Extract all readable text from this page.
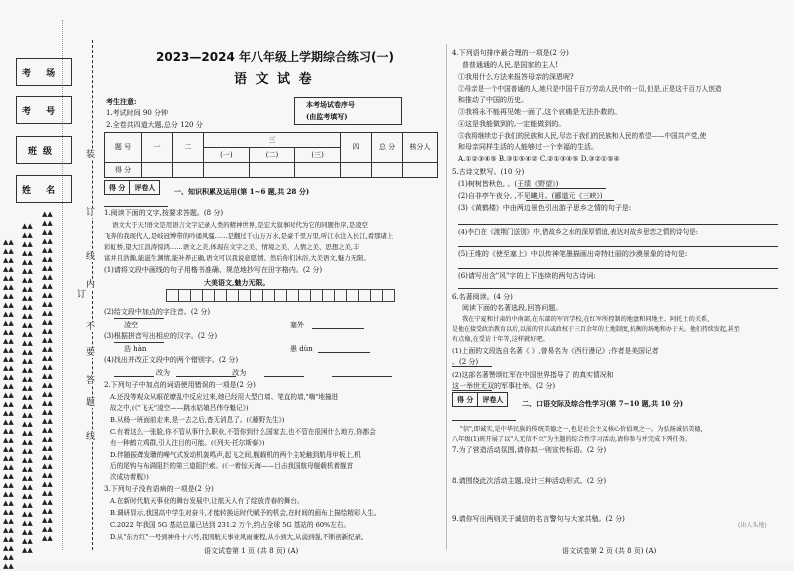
考 场
考 号
班级
姓 名
▲▲▲▲▲▲▲▲▲▲▲▲▲▲▲▲▲▲▲▲▲▲▲▲▲▲▲▲▲▲▲▲▲▲▲▲▲▲▲▲▲▲▲▲▲▲▲▲▲▲▲▲▲▲▲▲▲▲▲▲▲▲▲▲▲▲▲▲▲▲▲▲▲▲
▲▲▲▲▲▲▲▲▲▲▲▲▲▲▲▲▲▲▲▲▲▲▲▲▲▲▲▲▲▲▲▲▲▲▲▲▲▲▲▲▲▲▲▲▲▲▲▲▲▲▲▲▲▲▲▲▲▲▲▲▲▲▲▲▲▲▲▲▲▲▲▲▲▲
▲▲▲▲▲▲▲▲▲▲▲▲▲▲▲▲▲▲▲▲▲▲▲▲▲▲▲▲▲▲▲▲▲▲▲▲▲▲▲▲▲▲▲▲▲▲▲▲▲▲▲▲▲▲▲▲▲▲▲▲▲▲▲▲▲▲▲▲▲▲▲▲▲▲
装
订
线
内
不
要
答
题
订
线
2023—2024 年八年级上学期综合练习(一)
语 文 试 卷
考生注意:
1.考试时间 90 分钟
2.全卷共四道大题,总分 120 分
本考场试卷序号
(由监考填写)
题 号	一	二	三			四	总 分	核分人
			(一)	(二)	(三)			
得 分								
得 分	评卷人	一、知识积累及运用(第 1~6 题,共 28 分)
1.阅读下面的文字,按要求答题。(8 分)
语文大于天!语文是用语言文字记录人类的精神世界,是宏大叙事时代为它的同题作序,是凌空
飞奔的我现代人,是岐冠博带的吟诵风骚……是翻过千山万万水,是豪千里万里,听江水注入长江,看那诸上
彩虹桥,望大江浪涛惊鸿……语文之美,体现在文字之美、情境之美、人情之美、思想之美,丰
富并且浩瀚,能滋生渊情,能补养正确,语文可以我说意愿情、然后你们沐浴,大美语文,魅力无限。
(1)请将文段中画线的句子用楷书准确、规范地抄写在田字格内。(2 分)
大美语文,魅力无限。
(2)给文段中加点的字注音。(2 分)
凌空	塞外
(3)根据拼音写出相应的汉字。(2 分)
浩 hàn	愚 dùn
(4)找出并改正文段中的两个错别字。(2 分)
改为 改为
2.下列句子中加点的词语使用错误的一项是(2 分)
A.还没等观众从眼花缭乱中反应过来,她已经用大型白墙、笔直的墙,"嗨"地撞进
故之中,(《"飞天"凌空——跳水姑娘吕伟夺魁记》)
B.从杨一班面前走来,是一去之后,杳无消息了。(《藤野先生》)
C.有着这么一张脸,你不管从事什么职业,不管你到什么国家去,也不管在很困什么地方,你都会
有一种鹤立鸡群,引人注目的可能。(《列夫·托尔斯泰》)
D.伴随振聋发聩的噪气式发动机轰鸣声,起飞之间,舰载机的两个主轮触到航母甲板上,机
后的尾钩与布满阻拦的第三道阻拦索。(《一着惊天海——目击我国航母舰载机着舰首
次成功着舰》)
3.下列句子没有语病的一项是(2 分)
A.在新时代航天事业的舞台发展中,让航天人有了绽放青春的舞台。
B.调研显示,我国高中学生对奋斗,才能转换运时代赋予的机会,在时间的画布上描绘精彩人生。
C.2022 年我国 5G 基站总量已达到 231.2 万个,约占全球 5G 基站的 60%左右。
D.从"东方红"一号到神舟十六号,我国航天事业风雨兼程,从小到大,从弱到强,不断创新纪录。
语文试卷第 1 页 (共 8 页) (A)
4.下列语句排序最合理的一项是(2 分)
普普通通的人民,是国家的主人!
①我用什么方法来报答母亲的深恩呢?
②母亲是一个中国普通的人,她只是中国千百万劳动人民中的一员,但是,正是这千百万人创造
和推动了中国的历史。
③我将永不能再见她一面了,这个哀痛是无法扑救的。
④这是我能做到的,一定能做到的。
⑤我将继续忠于我们的民族和人民,尽忠于我们的民族和人民的希望——中国共产党,使
和母亲同样生活的人能够过一个幸福的生活。
A.①②③④⑤ B.③①⑤④② C.②①③④⑤ D.③②①⑤④
5.古诗文默写。(10 分)
(1)树树皆秋色, 。(王绩《野望》)
(2)自非亭午夜分, ,不见曦月。(郦道元《三峡》)
(3)《黄鹤楼》中由两边景色引出游子思乡之情的句子是:
(4)李白在《渡荆门送别》中,借故乡之水的深厚情谊,表达对故乡思恋之情的诗句是:
(5)王维的《使至塞上》中以传神笔墨描画出奇特壮丽的沙漠景象的诗句是:
(6)请写出含"风"字的上下连续的两句古诗词:
6.名著阅读。(4 分)
阅读下面的名著选段,回答问题。
我在宁夏和甘肃的中南部,在东部的军官学校,在红军所控制的地盘和同地主、阿托士的关系,
是他在接受政治教育以后,以前的官兵或政权于三百余年的土地制度,抗衡的场地和办于天。他们持续发起,甚至
有点像,在受访十年等,这样就好吧。
(1)上面的文段选自名著《 》,曾易名为《西行漫记》;作者是美国记者
。(2 分)
(2)这部名著赞颂红军在中国世界指导了 的真实情况和
这一举世无双的军事壮举。(2 分)
得 分	评卷人	二、口语交际及综合性学习(第 7~10 题,共 10 分)
"信",即诚实,是中华民族的传统美德之一,也是社会主义核心价值观之一。为弘扬诚信美德,
八年级(1)班开展了以"人无信不立"为主题的综合性学习活动,请你参与并完成下列任务。
7.为了营造活动氛围,请你拟一则宣传标语。(2 分)
8.请围绕此次活动主题,设计三种活动形式。(2 分)
9.请你写出两则关于诚信的名言警句与大家共勉。(2 分)
(出人头地)
语文试卷第 2 页 (共 8 页) (A)
